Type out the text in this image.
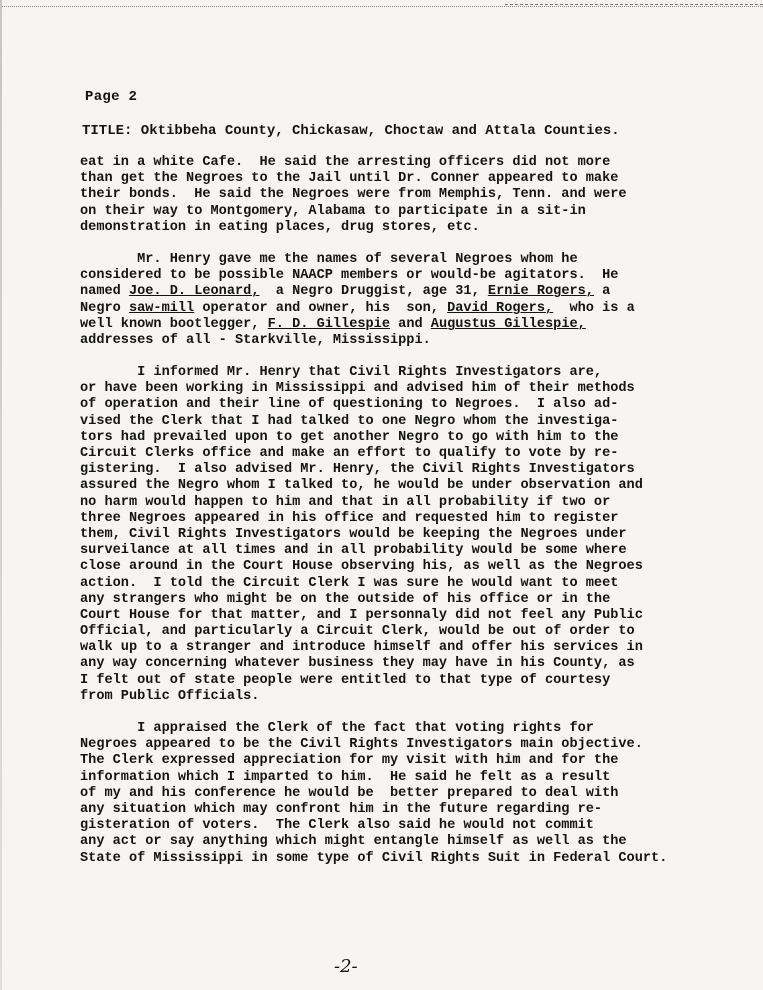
Page 2
TITLE: Oktibbeha County, Chickasaw, Choctaw and Attala Counties.
eat in a white Cafe.  He said the arresting officers did not more
than get the Negroes to the Jail until Dr. Conner appeared to make
their bonds.  He said the Negroes were from Memphis, Tenn. and were
on their way to Montgomery, Alabama to participate in a sit-in
demonstration in eating places, drug stores, etc.
Mr. Henry gave me the names of several Negroes whom he
considered to be possible NAACP members or would-be agitators.  He
named Joe. D. Leonard,  a Negro Druggist, age 31, Ernie Rogers, a
Negro saw-mill operator and owner, his  son, David Rogers,  who is a
well known bootlegger, F. D. Gillespie and Augustus Gillespie,
addresses of all - Starkville, Mississippi.
I informed Mr. Henry that Civil Rights Investigators are,
or have been working in Mississippi and advised him of their methods
of operation and their line of questioning to Negroes.  I also ad-
vised the Clerk that I had talked to one Negro whom the investiga-
tors had prevailed upon to get another Negro to go with him to the
Circuit Clerks office and make an effort to qualify to vote by re-
gistering.  I also advised Mr. Henry, the Civil Rights Investigators
assured the Negro whom I talked to, he would be under observation and
no harm would happen to him and that in all probability if two or
three Negroes appeared in his office and requested him to register
them, Civil Rights Investigators would be keeping the Negroes under
surveilance at all times and in all probability would be some where
close around in the Court House observing his, as well as the Negroes
action.  I told the Circuit Clerk I was sure he would want to meet
any strangers who might be on the outside of his office or in the
Court House for that matter, and I personnaly did not feel any Public
Official, and particularly a Circuit Clerk, would be out of order to
walk up to a stranger and introduce himself and offer his services in
any way concerning whatever business they may have in his County, as
I felt out of state people were entitled to that type of courtesy
from Public Officials.
I appraised the Clerk of the fact that voting rights for
Negroes appeared to be the Civil Rights Investigators main objective.
The Clerk expressed appreciation for my visit with him and for the
information which I imparted to him.  He said he felt as a result
of my and his conference he would be  better prepared to deal with
any situation which may confront him in the future regarding re-
gisteration of voters.  The Clerk also said he would not commit
any act or say anything which might entangle himself as well as the
State of Mississippi in some type of Civil Rights Suit in Federal Court.
-2-
